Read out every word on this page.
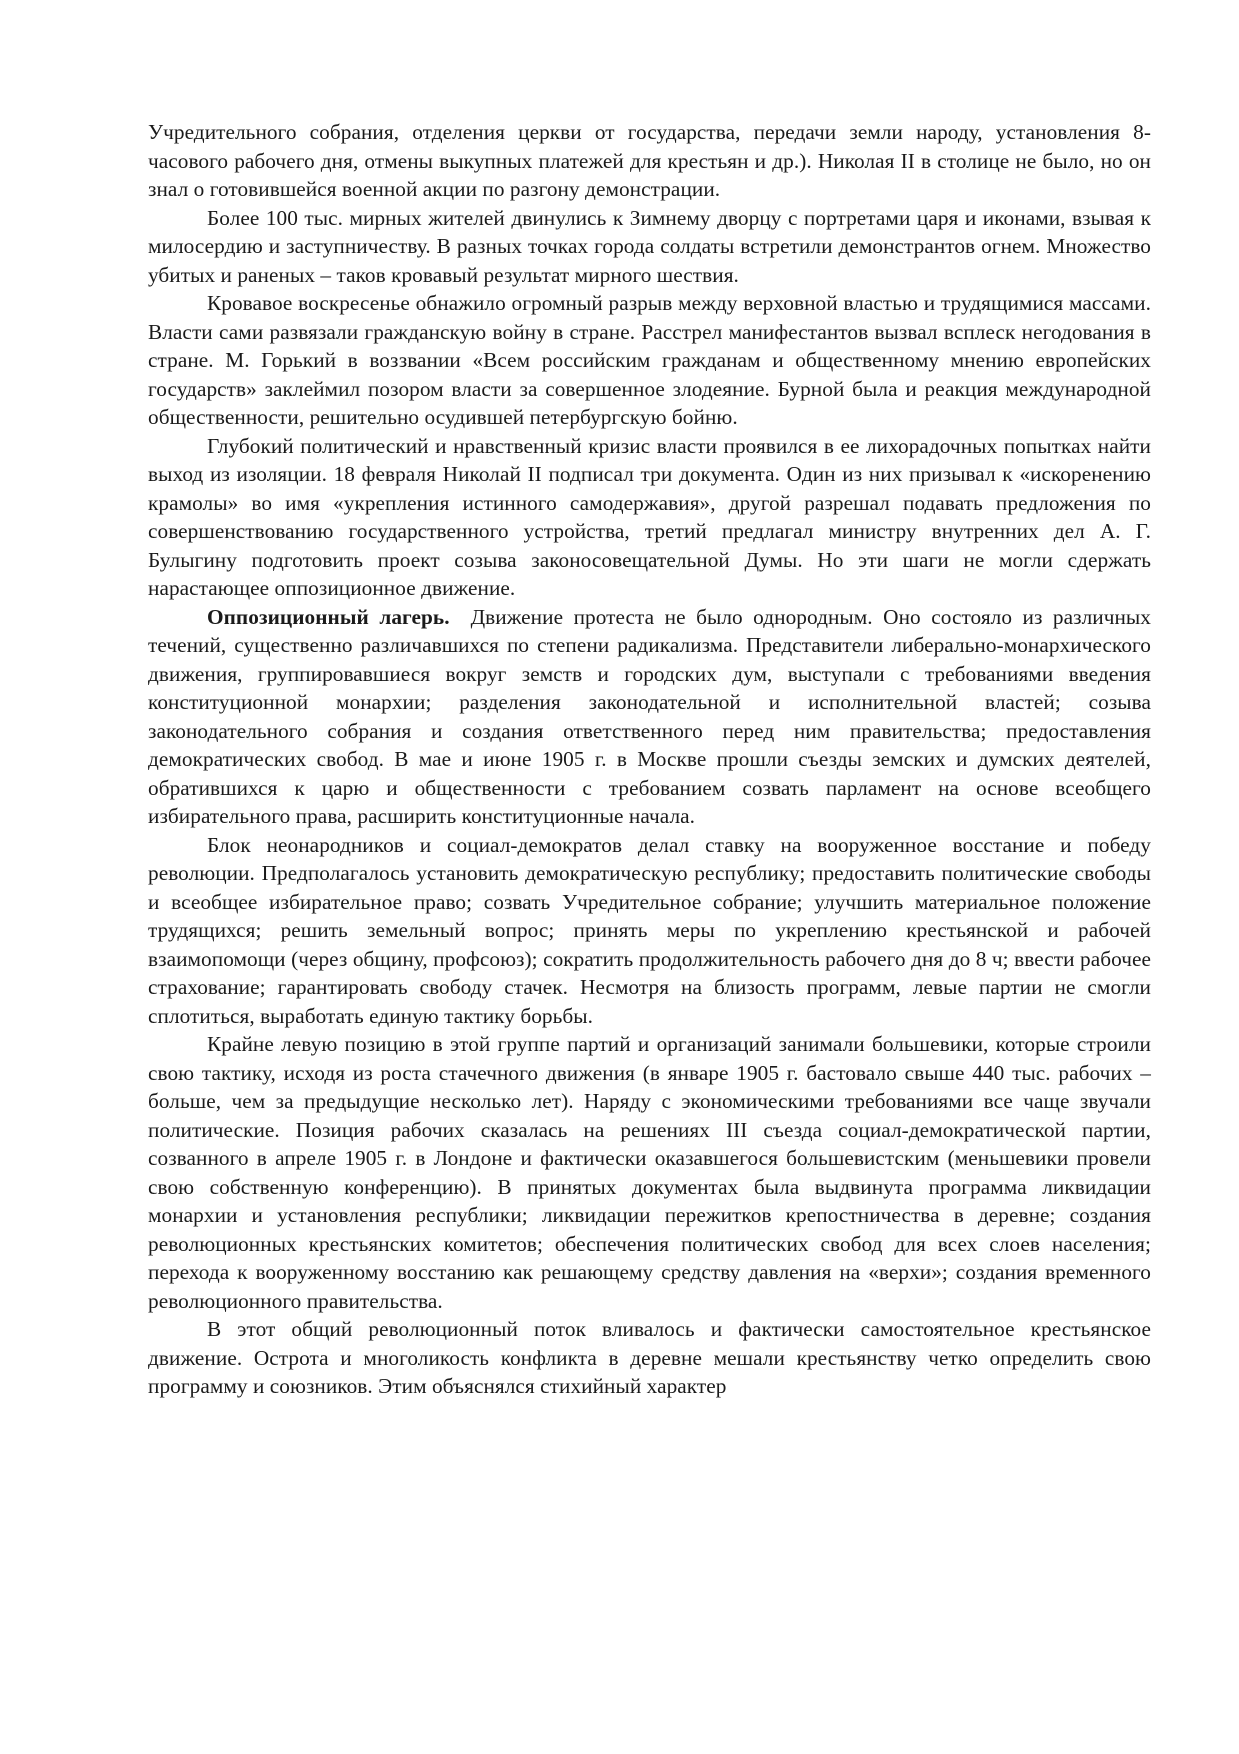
Учредительного собрания, отделения церкви от государства, передачи земли народу, установления 8-часового рабочего дня, отмены выкупных платежей для крестьян и др.). Николая II в столице не было, но он знал о готовившейся военной акции по разгону демонстрации.

Более 100 тыс. мирных жителей двинулись к Зимнему дворцу с портретами царя и иконами, взывая к милосердию и заступничеству. В разных точках города солдаты встретили демонстрантов огнем. Множество убитых и раненых – таков кровавый результат мирного шествия.

Кровавое воскресенье обнажило огромный разрыв между верховной властью и трудящимися массами. Власти сами развязали гражданскую войну в стране. Расстрел манифестантов вызвал всплеск негодования в стране. М. Горький в воззвании «Всем российским гражданам и общественному мнению европейских государств» заклеймил позором власти за совершенное злодеяние. Бурной была и реакция международной общественности, решительно осудившей петербургскую бойню.

Глубокий политический и нравственный кризис власти проявился в ее лихорадочных попытках найти выход из изоляции. 18 февраля Николай II подписал три документа. Один из них призывал к «искоренению крамолы» во имя «укрепления истинного самодержавия», другой разрешал подавать предложения по совершенствованию государственного устройства, третий предлагал министру внутренних дел А. Г. Булыгину подготовить проект созыва законосовещательной Думы. Но эти шаги не могли сдержать нарастающее оппозиционное движение.

Оппозиционный лагерь. Движение протеста не было однородным. Оно состояло из различных течений, существенно различавшихся по степени радикализма. Представители либерально-монархического движения, группировавшиеся вокруг земств и городских дум, выступали с требованиями введения конституционной монархии; разделения законодательной и исполнительной властей; созыва законодательного собрания и создания ответственного перед ним правительства; предоставления демократических свобод. В мае и июне 1905 г. в Москве прошли съезды земских и думских деятелей, обратившихся к царю и общественности с требованием созвать парламент на основе всеобщего избирательного права, расширить конституционные начала.

Блок неонародников и социал-демократов делал ставку на вооруженное восстание и победу революции. Предполагалось установить демократическую республику; предоставить политические свободы и всеобщее избирательное право; созвать Учредительное собрание; улучшить материальное положение трудящихся; решить земельный вопрос; принять меры по укреплению крестьянской и рабочей взаимопомощи (через общину, профсоюз); сократить продолжительность рабочего дня до 8 ч; ввести рабочее страхование; гарантировать свободу стачек. Несмотря на близость программ, левые партии не смогли сплотиться, выработать единую тактику борьбы.

Крайне левую позицию в этой группе партий и организаций занимали большевики, которые строили свою тактику, исходя из роста стачечного движения (в январе 1905 г. бастовало свыше 440 тыс. рабочих – больше, чем за предыдущие несколько лет). Наряду с экономическими требованиями все чаще звучали политические. Позиция рабочих сказалась на решениях III съезда социал-демократической партии, созванного в апреле 1905 г. в Лондоне и фактически оказавшегося большевистским (меньшевики провели свою собственную конференцию). В принятых документах была выдвинута программа ликвидации монархии и установления республики; ликвидации пережитков крепостничества в деревне; создания революционных крестьянских комитетов; обеспечения политических свобод для всех слоев населения; перехода к вооруженному восстанию как решающему средству давления на «верхи»; создания временного революционного правительства.

В этот общий революционный поток вливалось и фактически самостоятельное крестьянское движение. Острота и многоликость конфликта в деревне мешали крестьянству четко определить свою программу и союзников. Этим объяснялся стихийный характер
